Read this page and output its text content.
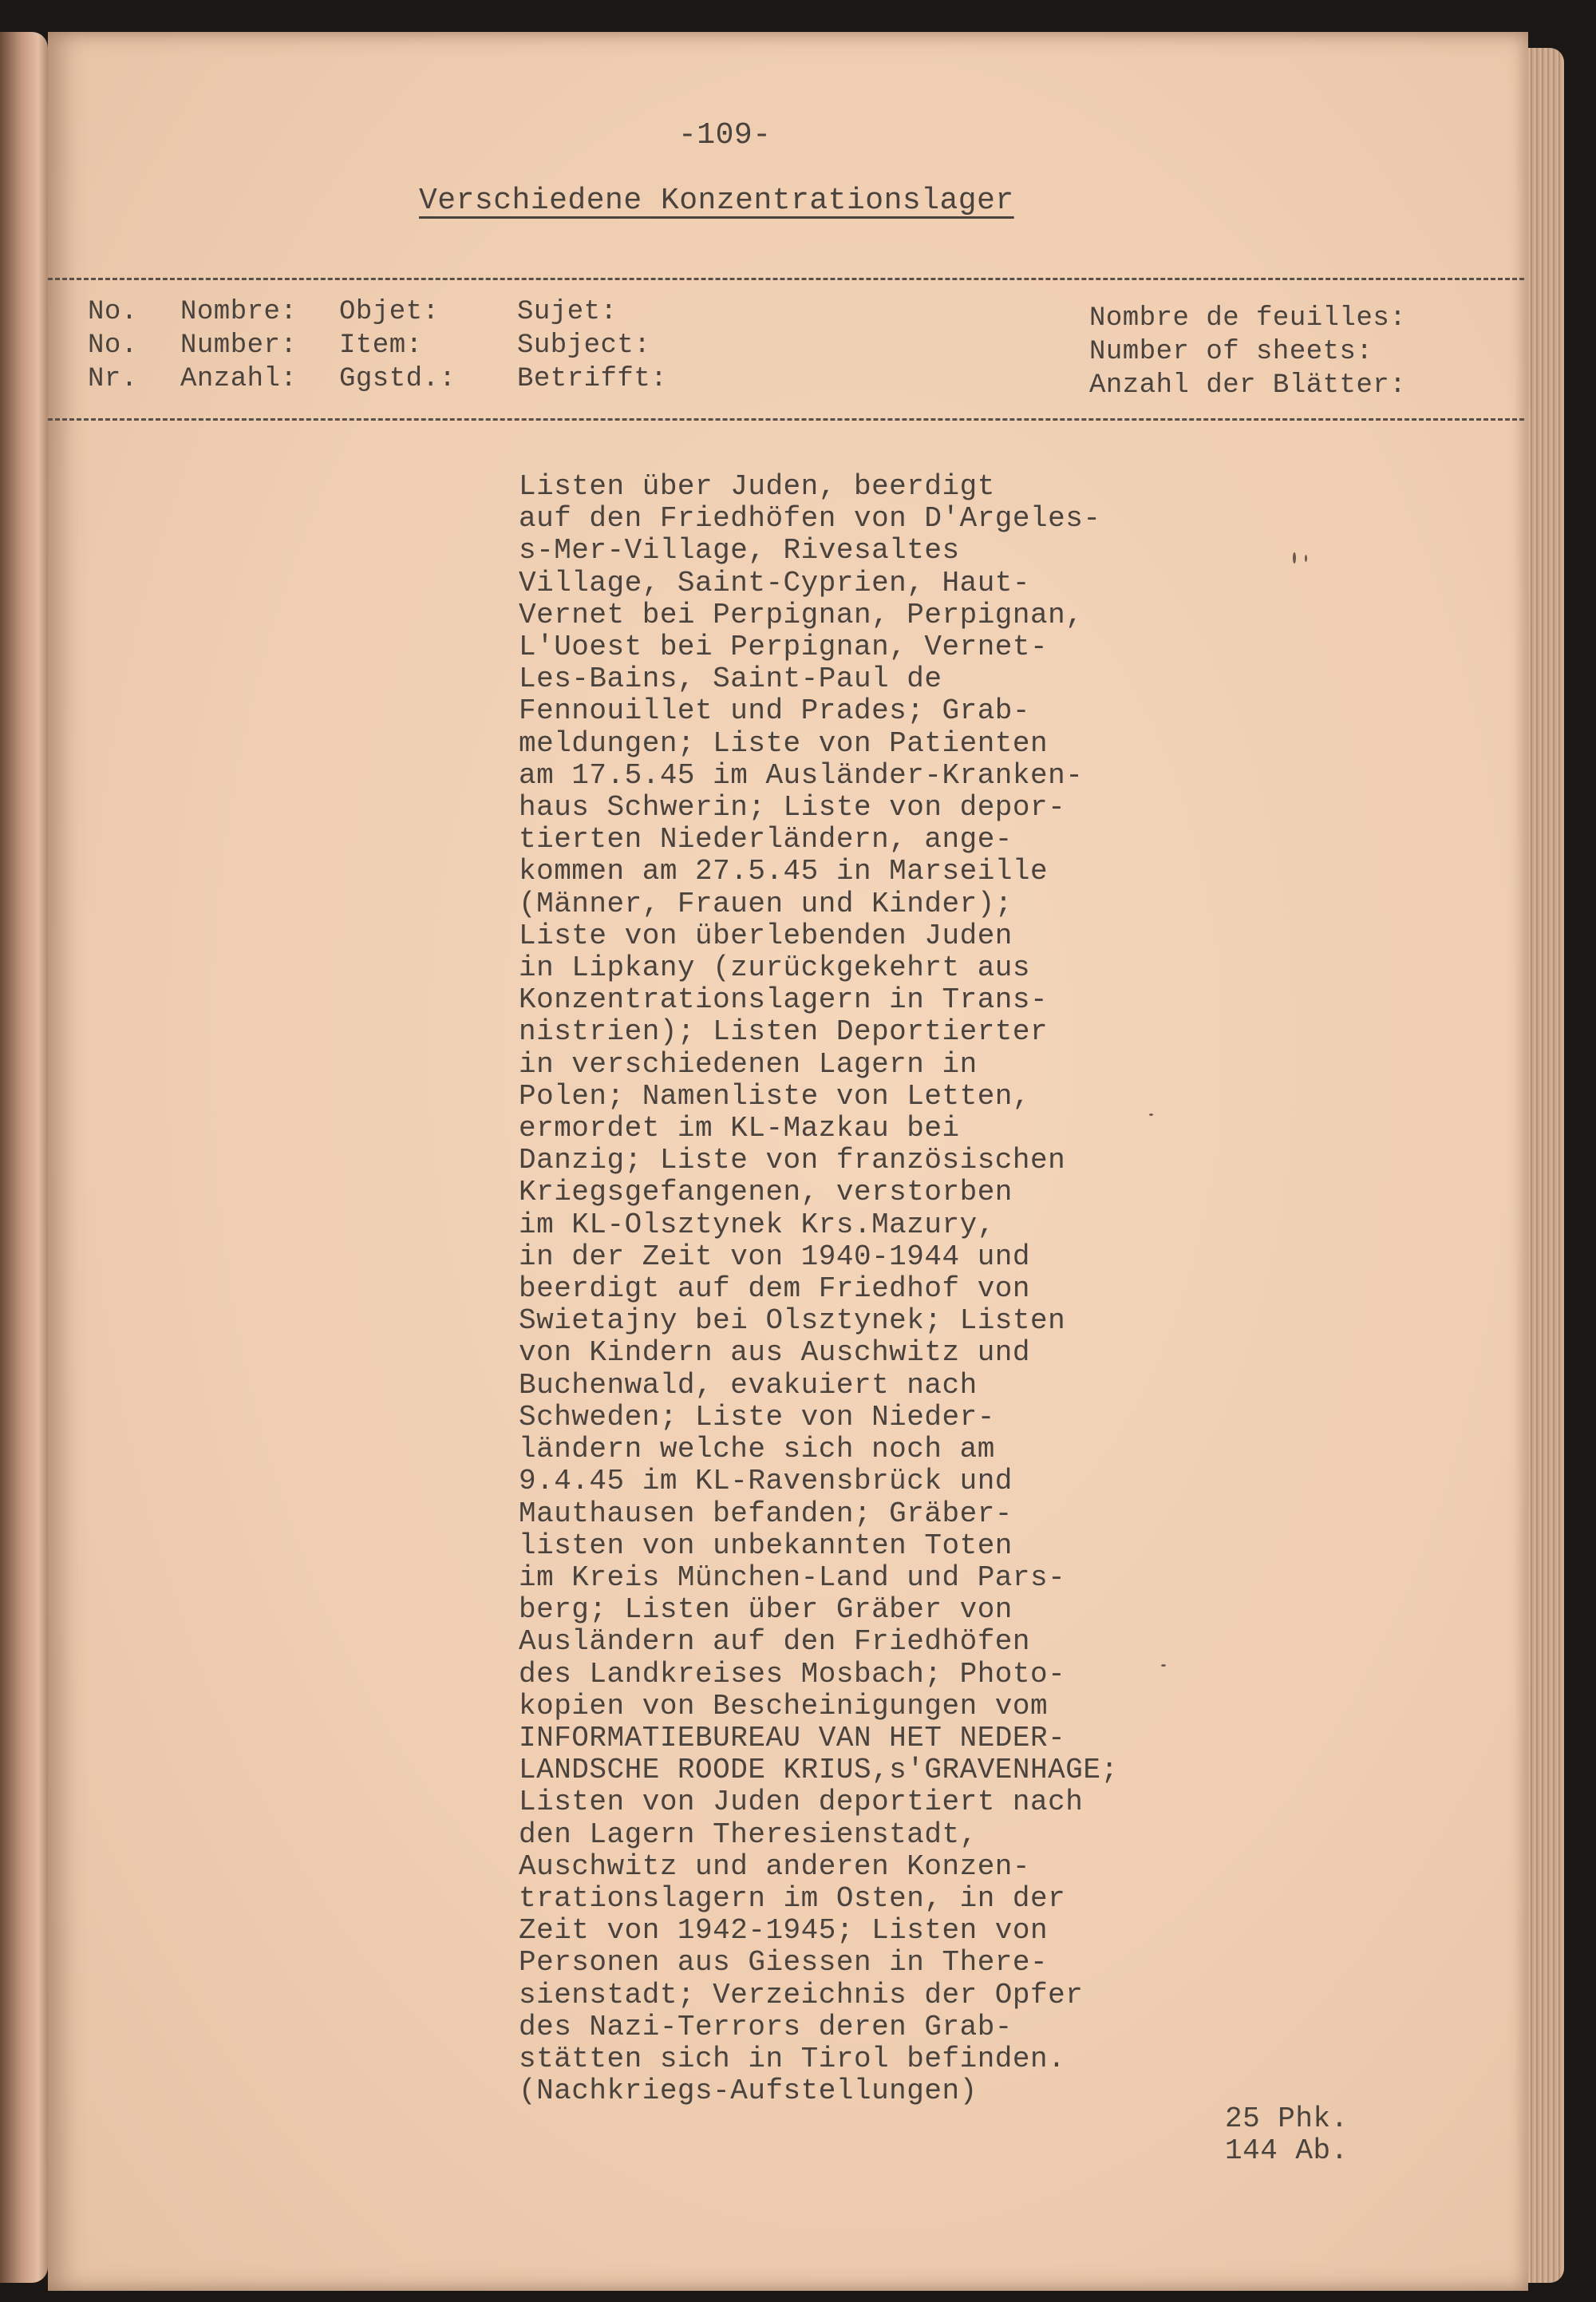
-109-
Verschiedene Konzentrationslager
No.
No.
Nr.
Nombre:
Number:
Anzahl:
Objet:
Item:
Ggstd.:
Sujet:
Subject:
Betrifft:
Nombre de feuilles:
Number of sheets:
Anzahl der Blätter:
Listen über Juden, beerdigt
auf den Friedhöfen von D'Argeles-
s-Mer-Village, Rivesaltes
Village, Saint-Cyprien, Haut-
Vernet bei Perpignan, Perpignan,
L'Uoest bei Perpignan, Vernet-
Les-Bains, Saint-Paul de
Fennouillet und Prades; Grab-
meldungen; Liste von Patienten
am 17.5.45 im Ausländer-Kranken-
haus Schwerin; Liste von depor-
tierten Niederländern, ange-
kommen am 27.5.45 in Marseille
(Männer, Frauen und Kinder);
Liste von überlebenden Juden
in Lipkany (zurückgekehrt aus
Konzentrationslagern in Trans-
nistrien); Listen Deportierter
in verschiedenen Lagern in
Polen; Namenliste von Letten,
ermordet im KL-Mazkau bei
Danzig; Liste von französischen
Kriegsgefangenen, verstorben
im KL-Olsztynek Krs.Mazury,
in der Zeit von 1940-1944 und
beerdigt auf dem Friedhof von
Swietajny bei Olsztynek; Listen
von Kindern aus Auschwitz und
Buchenwald, evakuiert nach
Schweden; Liste von Nieder-
ländern welche sich noch am
9.4.45 im KL-Ravensbrück und
Mauthausen befanden; Gräber-
listen von unbekannten Toten
im Kreis München-Land und Pars-
berg; Listen über Gräber von
Ausländern auf den Friedhöfen
des Landkreises Mosbach; Photo-
kopien von Bescheinigungen vom
INFORMATIEBUREAU VAN HET NEDER-
LANDSCHE ROODE KRIUS,s'GRAVENHAGE;
Listen von Juden deportiert nach
den Lagern Theresienstadt,
Auschwitz und anderen Konzen-
trationslagern im Osten, in der
Zeit von 1942-1945; Listen von
Personen aus Giessen in There-
sienstadt; Verzeichnis der Opfer
des Nazi-Terrors deren Grab-
stätten sich in Tirol befinden.
(Nachkriegs-Aufstellungen)
25 Phk.
144 Ab.
